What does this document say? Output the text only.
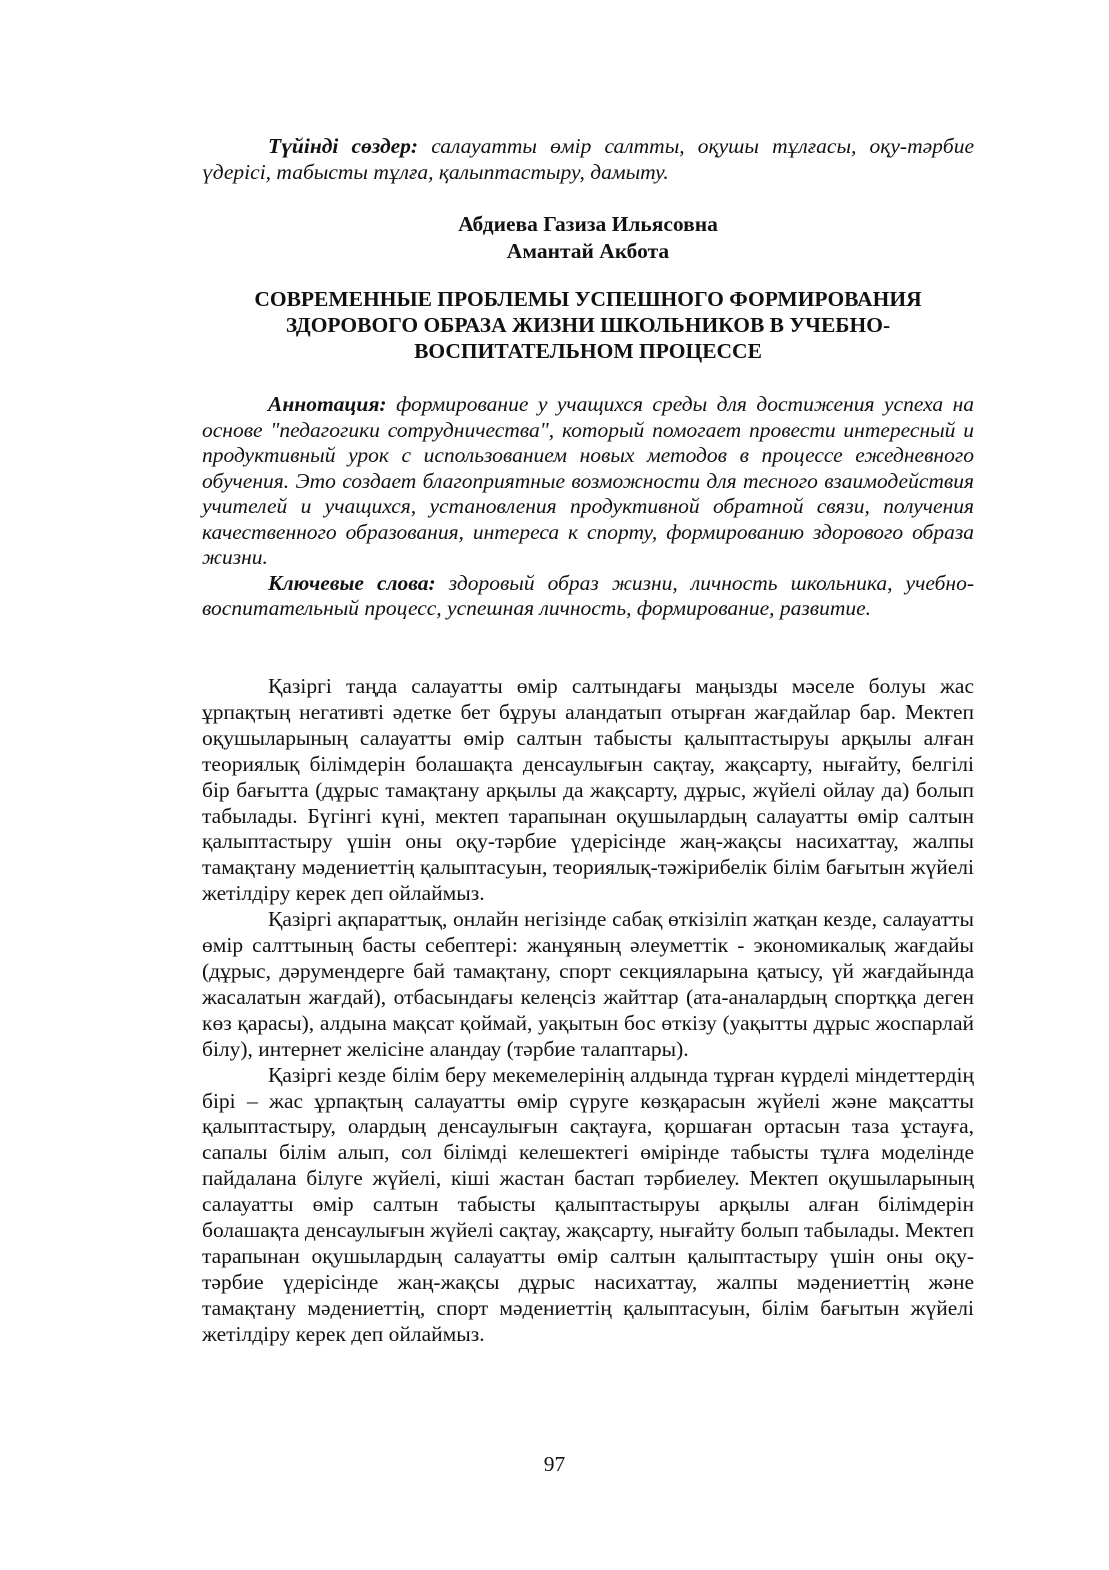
Түйінді сөздер: салауатты өмір салтты, оқушы тұлғасы, оқу-тәрбие үдерісі, табысты тұлға, қалыптастыру, дамыту.
Абдиева Газиза Ильясовна
Амантай Акбота
СОВРЕМЕННЫЕ ПРОБЛЕМЫ УСПЕШНОГО ФОРМИРОВАНИЯ
ЗДОРОВОГО ОБРАЗА ЖИЗНИ ШКОЛЬНИКОВ В УЧЕБНО-
ВОСПИТАТЕЛЬНОМ ПРОЦЕССЕ
Аннотация: формирование у учащихся среды для достижения успеха на основе "педагогики сотрудничества", который помогает провести интересный и продуктивный урок с использованием новых методов в процессе ежедневного обучения. Это создает благоприятные возможности для тесного взаимодействия учителей и учащихся, установления продуктивной обратной связи, получения качественного образования, интереса к спорту, формированию здорового образа жизни.
Ключевые слова: здоровый образ жизни, личность школьника, учебно-воспитательный процесс, успешная личность, формирование, развитие.
Қазіргі таңда салауатты өмір салтындағы маңызды мәселе болуы жас ұрпақтың негативті әдетке бет бұруы аландатып отырған жағдайлар бар. Мектеп оқушыларының салауатты өмір салтын табысты қалыптастыруы арқылы алған теориялық білімдерін болашақта денсаулығын сақтау, жақсарту, нығайту, белгілі бір бағытта (дұрыс тамақтану арқылы да жақсарту, дұрыс, жүйелі ойлау да) болып табылады. Бүгінгі күні, мектеп тарапынан оқушылардың салауатты өмір салтын қалыптастыру үшін оны оқу-тәрбие үдерісінде жаң-жақсы насихаттау, жалпы тамақтану мәдениеттің қалыптасуын, теориялық-тәжірибелік білім бағытын жүйелі жетілдіру керек деп ойлаймыз.
Қазіргі ақпараттық, онлайн негізінде сабақ өткізіліп жатқан кезде, салауатты өмір салттының басты себептері: жанұяның әлеуметтік - экономикалық жағдайы (дұрыс, дәрумендерге бай тамақтану, спорт секцияларына қатысу, үй жағдайында жасалатын жағдай), отбасындағы келеңсіз жайттар (ата-аналардың спортққа деген көз қарасы), алдына мақсат қоймай, уақытын бос өткізу (уақытты дұрыс жоспарлай білу), интернет желісіне аландау (тәрбие талаптары).
Қазіргі кезде білім беру мекемелерінің алдында тұрған күрделі міндеттердің бірі – жас ұрпақтың салауатты өмір сүруге көзқарасын жүйелі және мақсатты қалыптастыру, олардың денсаулығын сақтауға, қоршаған ортасын таза ұстауға, сапалы білім алып, сол білімді келешектегі өмірінде табысты тұлға моделінде пайдалана білуге жүйелі, кіші жастан бастап тәрбиелеу. Мектеп оқушыларының салауатты өмір салтын табысты қалыптастыруы арқылы алған білімдерін болашақта денсаулығын жүйелі сақтау, жақсарту, нығайту болып табылады. Мектеп тарапынан оқушылардың салауатты өмір салтын қалыптастыру үшін оны оқу-тәрбие үдерісінде жаң-жақсы дұрыс насихаттау, жалпы мәдениеттің және тамақтану мәдениеттің, спорт мәдениеттің қалыптасуын, білім бағытын жүйелі жетілдіру керек деп ойлаймыз.
97
